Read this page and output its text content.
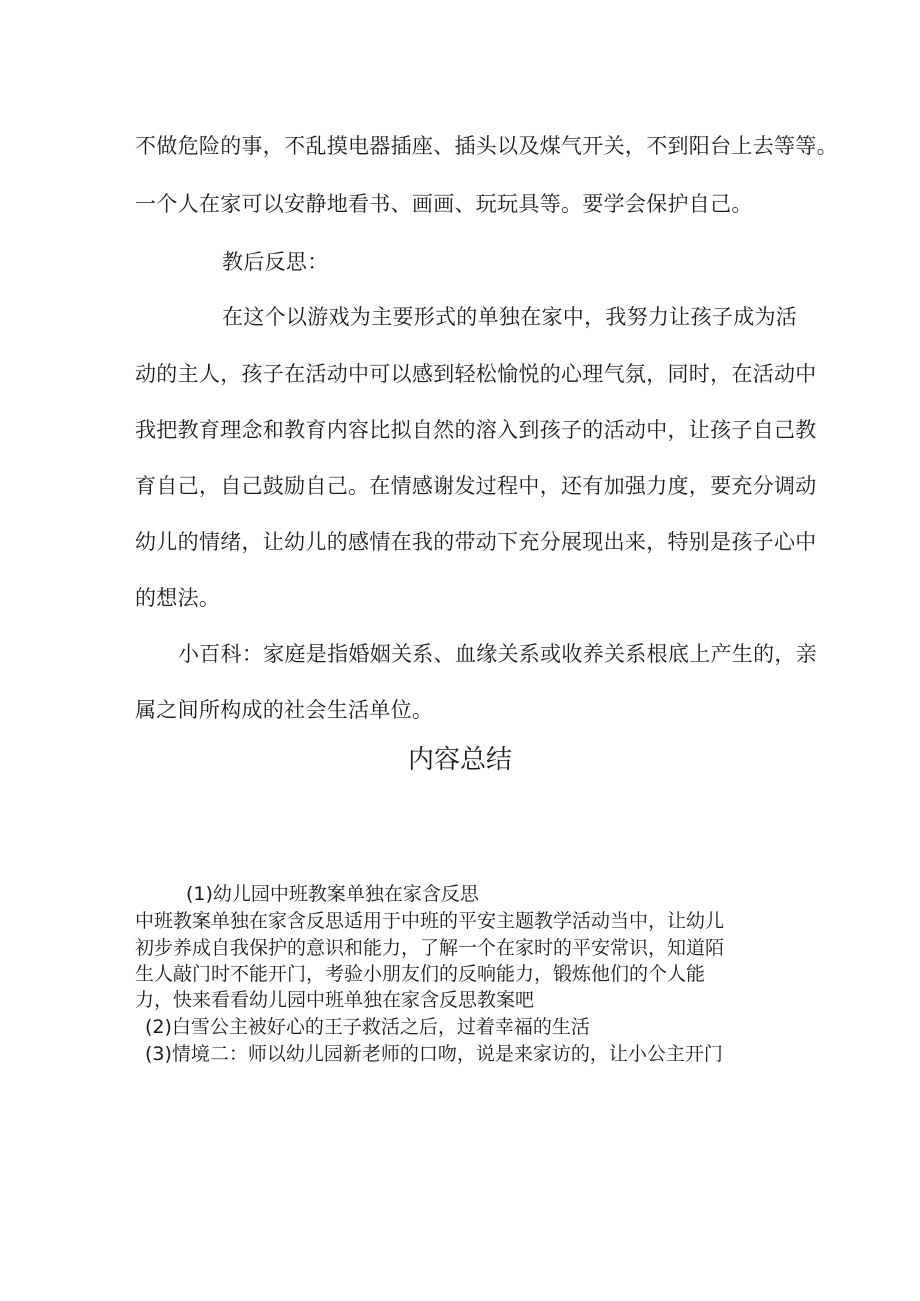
不做危险的事，不乱摸电器插座、插头以及煤气开关，不到阳台上去等等。
一个人在家可以安静地看书、画画、玩玩具等。要学会保护自己。
教后反思：
在这个以游戏为主要形式的单独在家中，我努力让孩子成为活
动的主人，孩子在活动中可以感到轻松愉悦的心理气氛，同时，在活动中
我把教育理念和教育内容比拟自然的溶入到孩子的活动中，让孩子自己教
育自己，自己鼓励自己。在情感谢发过程中，还有加强力度，要充分调动
幼儿的情绪，让幼儿的感情在我的带动下充分展现出来，特别是孩子心中
的想法。
小百科：家庭是指婚姻关系、血缘关系或收养关系根底上产生的，亲
属之间所构成的社会生活单位。
内容总结
(1)幼儿园中班教案单独在家含反思
中班教案单独在家含反思适用于中班的平安主题教学活动当中，让幼儿
初步养成自我保护的意识和能力，了解一个在家时的平安常识，知道陌
生人敲门时不能开门，考验小朋友们的反响能力，锻炼他们的个人能
力，快来看看幼儿园中班单独在家含反思教案吧
(2)白雪公主被好心的王子救活之后，过着幸福的生活
(3)情境二：师以幼儿园新老师的口吻，说是来家访的，让小公主开门
